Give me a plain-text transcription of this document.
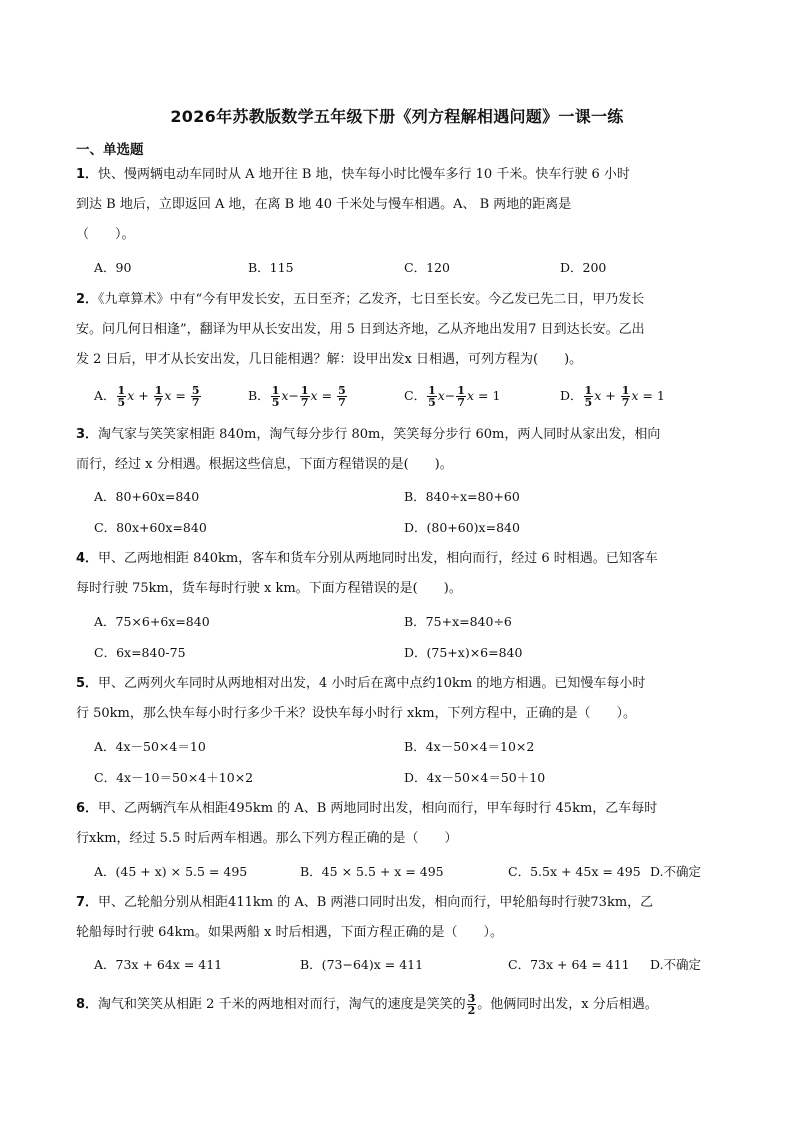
2026年苏教版数学五年级下册《列方程解相遇问题》一课一练
一、单选题
1．快、慢两辆电动车同时从 A 地开往 B 地，快车每小时比慢车多行 10 千米。快车行驶 6 小时
到达 B 地后，立即返回 A 地，在离 B 地 40 千米处与慢车相遇。A、 B 两地的距离是
（　　）。
A．90	B．115	C．120	D．200
2．《九章算术》中有“今有甲发长安，五日至齐；乙发齐，七日至长安。今乙发已先二日，甲乃发长
安。问几何日相逢”，翻译为甲从长安出发，用 5 日到达齐地，乙从齐地出发用7 日到达长安。乙出
发 2 日后，甲才从长安出发，几日能相遇？解：设甲出发x 日相遇，可列方程为(　　)。
A． $\frac{1}{5}$ $x + \frac{1}{7}$ $x = \frac{5}{7}$	B． $\frac{1}{5} x- \frac{1}{7}$ $x = \frac{5}{7}$	C． $\frac{1}{5} x- \frac{1}{7}$ x = 1	D． $\frac{1}{5}$ $x + \frac{1}{7}$ x = 1
3．淘气家与笑笑家相距 840m，淘气每分步行 80m，笑笑每分步行 60m，两人同时从家出发，相向
而行，经过 x 分相遇。根据这些信息，下面方程错误的是(　　)。
A．80+60x=840	B．840÷x=80+60
C．80x+60x=840	D．(80+60)x=840
4．甲、乙两地相距 840km，客车和货车分别从两地同时出发，相向而行，经过 6 时相遇。已知客车
每时行驶 75km，货车每时行驶 x km。下面方程错误的是(　　)。
A．75×6+6x=840	B．75+x=840÷6
C．6x=840-75	D．(75+x)×6=840
5．甲、乙两列火车同时从两地相对出发，4 小时后在离中点约10km 的地方相遇。已知慢车每小时
行 50km，那么快车每小时行多少千米？设快车每小时行 xkm，下列方程中，正确的是（　　）。
A．4x－50×4＝10	B．4x－50×4＝10×2
C．4x－10＝50×4＋10×2	D．4x－50×4＝50＋10
6．甲、乙两辆汽车从相距495km 的 A、B 两地同时出发，相向而行，甲车每时行 45km，乙车每时
行xkm，经过 5.5 时后两车相遇。那么下列方程正确的是（　　）
A．(45 + x) × 5.5 = 495	B．45 × 5.5 + x = 495	C．5.5x + 45x = 495 D.不确定
7．甲、乙轮船分别从相距411km 的 A、B 两港口同时出发，相向而行，甲轮船每时行驶73km，乙
轮船每时行驶 64km。如果两船 x 时后相遇，下面方程正确的是（　　）。
A．73x + 64x = 411	B．(73−64)x = 411	C．73x + 64 = 411 D.不确定
8．淘气和笑笑从相距 2 千米的两地相对而行，淘气的速度是笑笑的 $\frac{3}{2}$ 。他俩同时出发，x 分后相遇。
